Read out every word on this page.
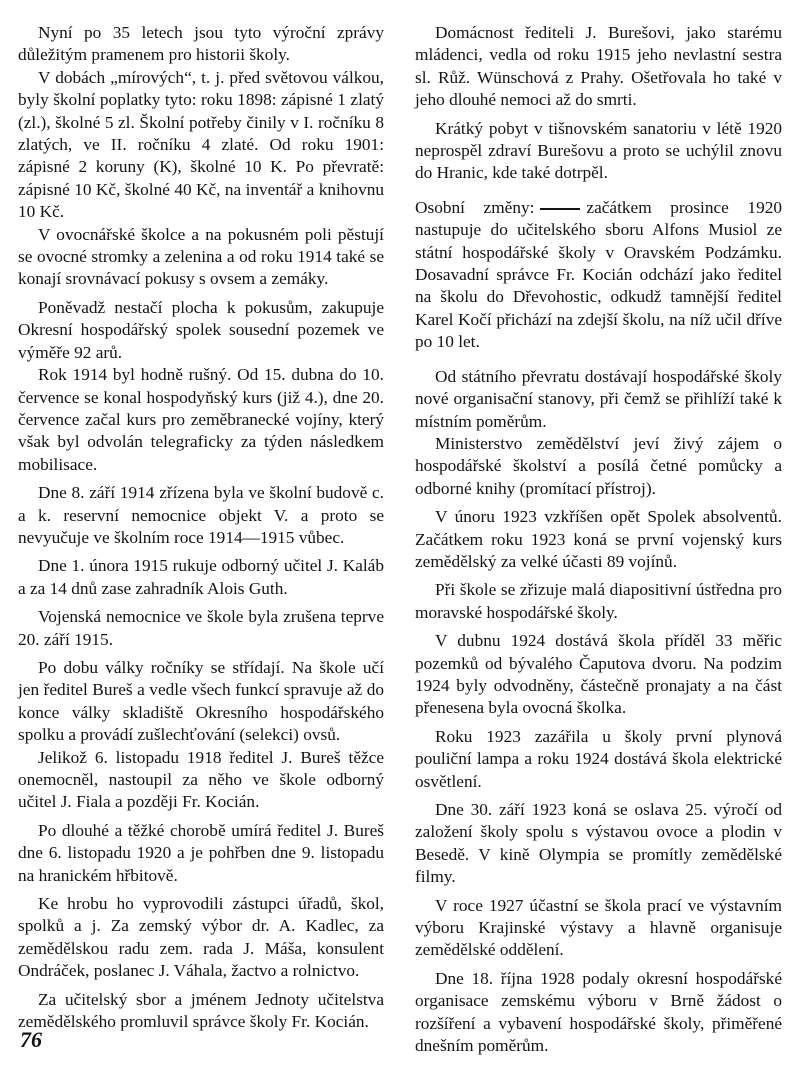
Nyní po 35 letech jsou tyto výroční zprávy důležitým pramenem pro historii školy.

V dobách „mírových“, t. j. před světovou válkou, byly školní poplatky tyto: roku 1898: zápisné 1 zlatý (zl.), školné 5 zl. Školní potřeby činily v I. ročníku 8 zlatých, ve II. ročníku 4 zlaté. Od roku 1901: zápisné 2 koruny (K), školné 10 K. Po převratě: zápisné 10 Kč, školné 40 Kč, na inventář a knihovnu 10 Kč.

V ovocnářské školce a na pokusném poli pěstují se ovocné stromky a zelenina a od roku 1914 také se konají srovnávací pokusy s ovsem a zemáky.

Poněvadž nestačí plocha k pokusům, zakupuje Okresní hospodářský spolek sousední pozemek ve výměře 92 arů.

Rok 1914 byl hodně rušný. Od 15. dubna do 10. července se konal hospodyňský kurs (již 4.), dne 20. července začal kurs pro zeměbranecké vojíny, který však byl odvolán telegraficky za týden následkem mobilisace.

Dne 8. září 1914 zřízena byla ve školní budově c. a k. reservní nemocnice objekt V. a proto se nevyučuje ve školním roce 1914—1915 vůbec.

Dne 1. února 1915 rukuje odborný učitel J. Kaláb a za 14 dnů zase zahradník Alois Guth.

Vojenská nemocnice ve škole byla zrušena teprve 20. září 1915.

Po dobu války ročníky se střídají. Na škole učí jen ředitel Bureš a vedle všech funkcí spravuje až do konce války skladiště Okresního hospodářského spolku a provádí zušlechťování (selekci) ovsů.

Jelikož 6. listopadu 1918 ředitel J. Bureš těžce onemocněl, nastoupil za něho ve škole odborný učitel J. Fiala a později Fr. Kocián.

Po dlouhé a těžké chorobě umírá ředitel J. Bureš dne 6. listopadu 1920 a je pohřben dne 9. listopadu na hranickém hřbitově.

Ke hrobu ho vyprovodili zástupci úřadů, škol, spolků a j. Za zemský výbor dr. A. Kadlec, za zemědělskou radu zem. rada J. Máša, konsulent Ondráček, poslanec J. Váhala, žactvo a rolnictvo.

Za učitelský sbor a jménem Jednoty učitelstva zemědělského promluvil správce školy Fr. Kocián.

Domácnost řediteli J. Burešovi, jako starému mládenci, vedla od roku 1915 jeho nevlastní sestra sl. Růž. Wünschová z Prahy. Ošetřovala ho také v jeho dlouhé nemoci až do smrti.

Krátký pobyt v tišnovském sanatoriu v létě 1920 neprospěl zdraví Burešovu a proto se uchýlil znovu do Hranic, kde také dotrpěl.

Osobní změny:	začátkem prosince 1920 nastupuje do učitelského sboru Alfons Musiol ze státní hospodářské školy v Oravském Podzámku. Dosavadní správce Fr. Kocián odchází jako ředitel na školu do Dřevohostic, odkudž tamnější ředitel Karel Kočí přichází na zdejší školu, na níž učil dříve po 10 let.

Od státního převratu dostávají hospodářské školy nové organisační stanovy, při čemž se přihlíží také k místním poměrům.

Ministerstvo zemědělství jeví živý zájem o hospodářské školství a posílá četné pomůcky a odborné knihy (promítací přístroj).

V únoru 1923 vzkříšen opět Spolek absolventů. Začátkem roku 1923 koná se první vojenský kurs zemědělský za velké účasti 89 vojínů.

Při škole se zřizuje malá diapositivní ústředna pro moravské hospodářské školy.

V dubnu 1924 dostává škola příděl 33 měřic pozemků od bývalého Čaputova dvoru. Na podzim 1924 byly odvodněny, částečně pronajaty a na část přenesena byla ovocná školka.

Roku 1923 zazářila u školy první plynová pouliční lampa a roku 1924 dostává škola elektrické osvětlení.

Dne 30. září 1923 koná se oslava 25. výročí od založení školy spolu s výstavou ovoce a plodin v Besedě. V kině Olympia se promítly zemědělské filmy.

V roce 1927 účastní se škola prací ve výstavním výboru Krajinské výstavy a hlavně organisuje zemědělské oddělení.

Dne 18. října 1928 podaly okresní hospodářské organisace zemskému výboru v Brně žádost o rozšíření a vybavení hospodářské školy, přiměřené dnešním poměrům.

76
